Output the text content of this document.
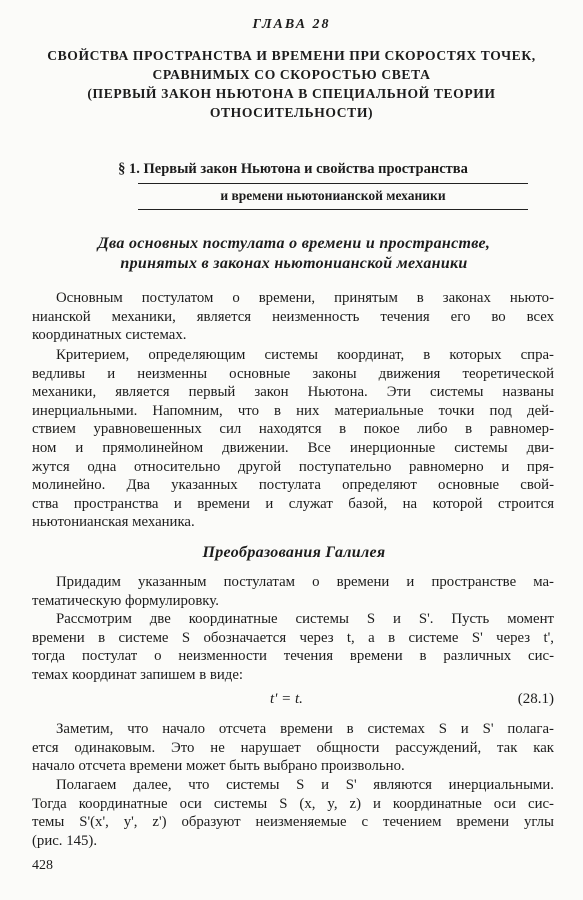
ГЛАВА 28
СВОЙСТВА ПРОСТРАНСТВА И ВРЕМЕНИ ПРИ СКОРОСТЯХ ТОЧЕК,
СРАВНИМЫХ СО СКОРОСТЬЮ СВЕТА
(ПЕРВЫЙ ЗАКОН НЬЮТОНА В СПЕЦИАЛЬНОЙ ТЕОРИИ
ОТНОСИТЕЛЬНОСТИ)
§ 1. Первый закон Ньютона и свойства пространства
и времени ньютонианской механики
Два основных постулата о времени и пространстве,
принятых в законах ньютонианской механики
Основным постулатом о времени, принятым в законах ньюто-
нианской механики, является неизменность течения его во всех
координатных системах.
Критерием, определяющим системы координат, в которых спра-
ведливы и неизменны основные законы движения теоретической
механики, является первый закон Ньютона. Эти системы названы
инерциальными. Напомним, что в них материальные точки под дей-
ствием уравновешенных сил находятся в покое либо в равномер-
ном и прямолинейном движении. Все инерционные системы дви-
жутся одна относительно другой поступательно равномерно и пря-
молинейно. Два указанных постулата определяют основные свой-
ства пространства и времени и служат базой, на которой строится
ньютонианская механика.
Преобразования Галилея
Придадим указанным постулатам о времени и пространстве ма-
тематическую формулировку.
Рассмотрим две координатные системы S и S'. Пусть момент
времени в системе S обозначается через t, а в системе S' через t',
тогда постулат о неизменности течения времени в различных сис-
темах координат запишем в виде:
t' = t.	(28.1)
Заметим, что начало отсчета времени в системах S и S' полага-
ется одинаковым. Это не нарушает общности рассуждений, так как
начало отсчета времени может быть выбрано произвольно.
Полагаем далее, что системы S и S' являются инерциальными.
Тогда координатные оси системы S (x, y, z) и координатные оси сис-
темы S'(x', y', z') образуют неизменяемые с течением времени углы
(рис. 145).
428
